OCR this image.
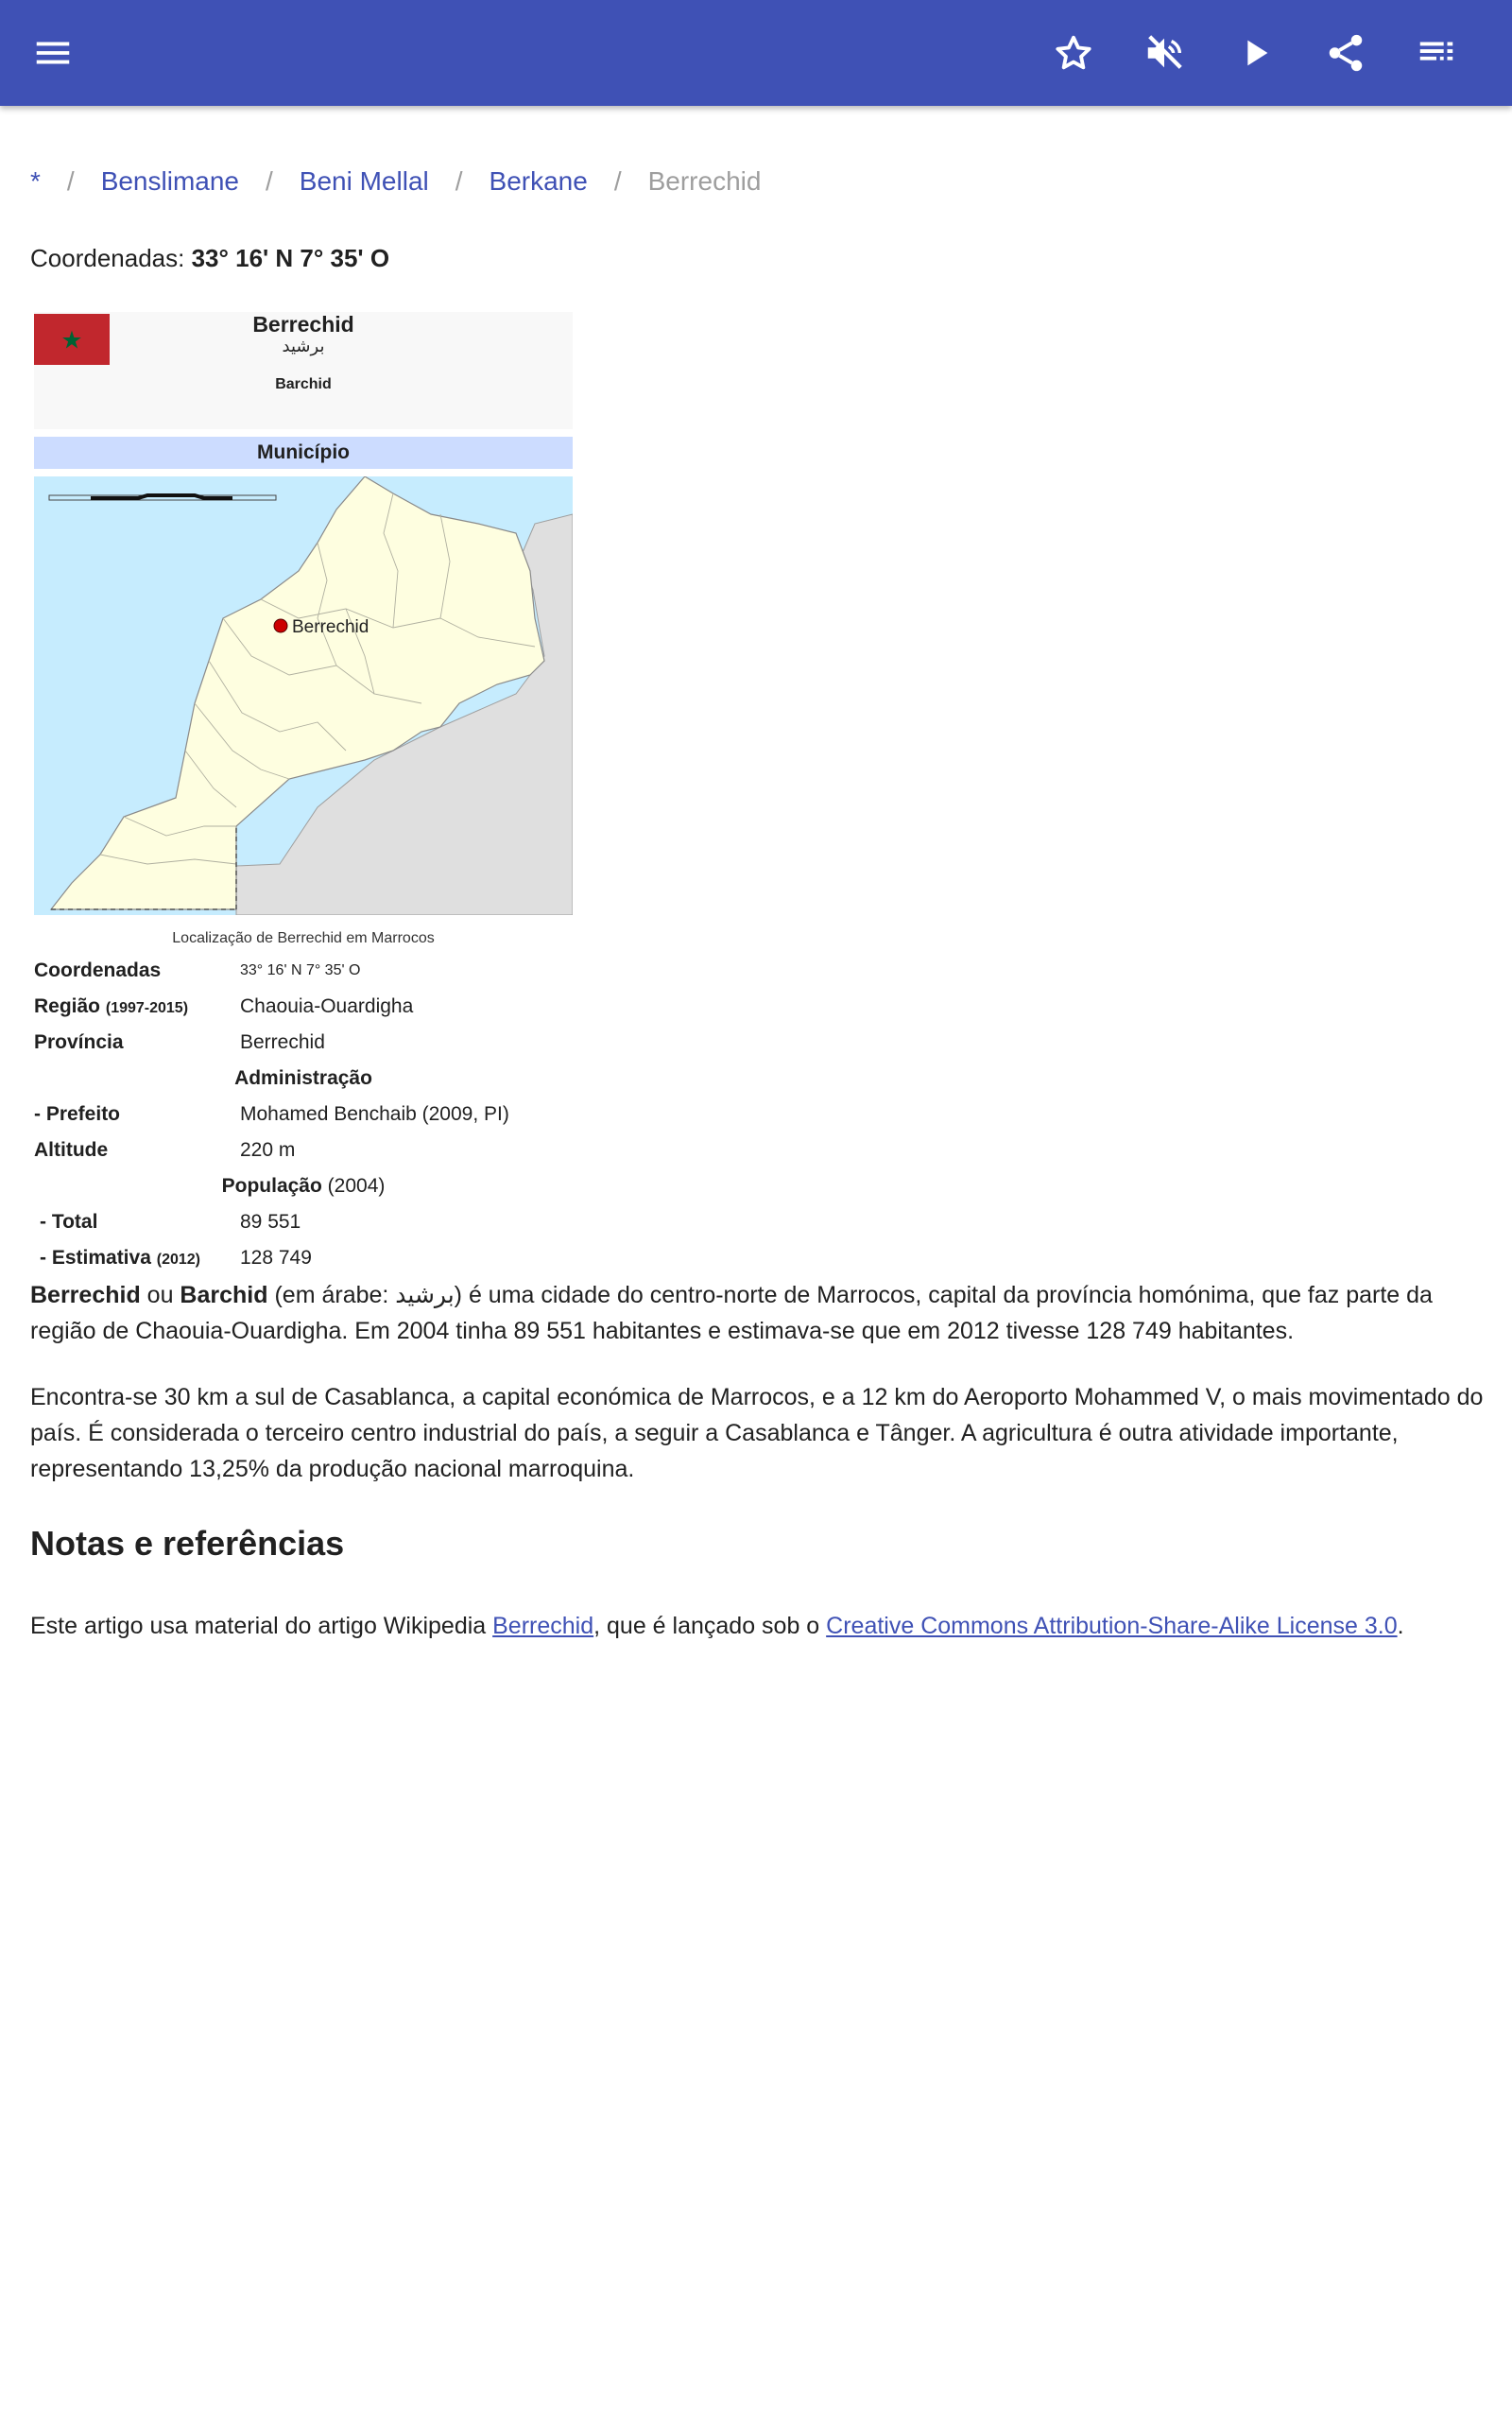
* / Benslimane / Beni Mellal / Berkane / Berrechid
Coordenadas: 33° 16' N 7° 35' O
Berrechid
برشيد
Barchid
Município
Berrechid
Localização de Berrechid em Marrocos
Coordenadas	33° 16' N 7° 35' O
Região (1997-2015)	Chaouia-Ouardigha
Província	Berrechid
Administração
- Prefeito	Mohamed Benchaib (2009, PI)
Altitude	220 m
População (2004)
- Total	89 551
- Estimativa (2012) 128 749
Berrechid ou Barchid (em árabe: برشيد) é uma cidade do centro-norte de Marrocos, capital da província homónima, que faz parte da região de Chaouia-Ouardigha. Em 2004 tinha 89 551 habitantes e estimava-se que em 2012 tivesse 128 749 habitantes.
Encontra-se 30 km a sul de Casablanca, a capital económica de Marrocos, e a 12 km do Aeroporto Mohammed V, o mais movimentado do país. É considerada o terceiro centro industrial do país, a seguir a Casablanca e Tânger. A agricultura é outra atividade importante, representando 13,25% da produção nacional marroquina.
Notas e referências
Este artigo usa material do artigo Wikipedia Berrechid, que é lançado sob o Creative Commons Attribution-Share-Alike License 3.0.
